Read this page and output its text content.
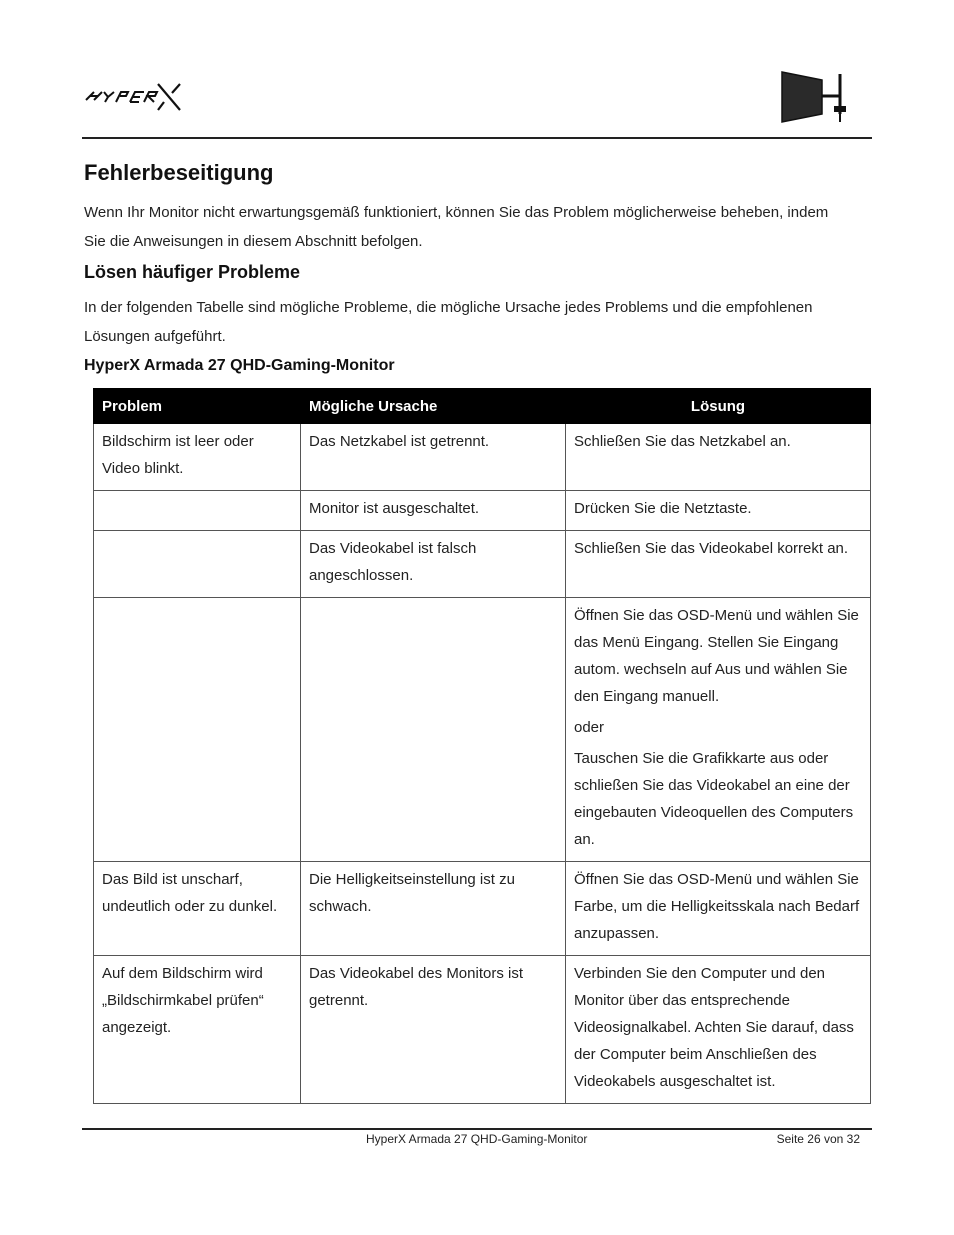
Fehlerbeseitigung

Wenn Ihr Monitor nicht erwartungsgemäß funktioniert, können Sie das Problem möglicherweise beheben, indem Sie die Anweisungen in diesem Abschnitt befolgen.

Lösen häufiger Probleme

In der folgenden Tabelle sind mögliche Probleme, die mögliche Ursache jedes Problems und die empfohlenen Lösungen aufgeführt.

HyperX Armada 27 QHD-Gaming-Monitor
Problem	Mögliche Ursache	Lösung
Bildschirm ist leer oder Video blinkt.	Das Netzkabel ist getrennt.	Schließen Sie das Netzkabel an.

	Monitor ist ausgeschaltet.	Drücken Sie die Netztaste.

	Das Videokabel ist falsch angeschlossen.	Schließen Sie das Videokabel korrekt an.

		Öffnen Sie das OSD-Menü und wählen Sie das Menü Eingang. Stellen Sie Eingang autom. wechseln auf Aus und wählen Sie den Eingang manuell.
oder
Tauschen Sie die Grafikkarte aus oder schließen Sie das Videokabel an eine der eingebauten Videoquellen des Computers an.

Das Bild ist unscharf, undeutlich oder zu dunkel.	Die Helligkeitseinstellung ist zu schwach.	Öffnen Sie das OSD-Menü und wählen Sie Farbe, um die Helligkeitsskala nach Bedarf anzupassen.

Auf dem Bildschirm wird „Bildschirmkabel prüfen“ angezeigt.	Das Videokabel des Monitors ist getrennt.	Verbinden Sie den Computer und den Monitor über das entsprechende Videosignalkabel. Achten Sie darauf, dass der Computer beim Anschließen des Videokabels ausgeschaltet ist.
HyperX Armada 27 QHD-Gaming-Monitor	Seite 26 von 32
